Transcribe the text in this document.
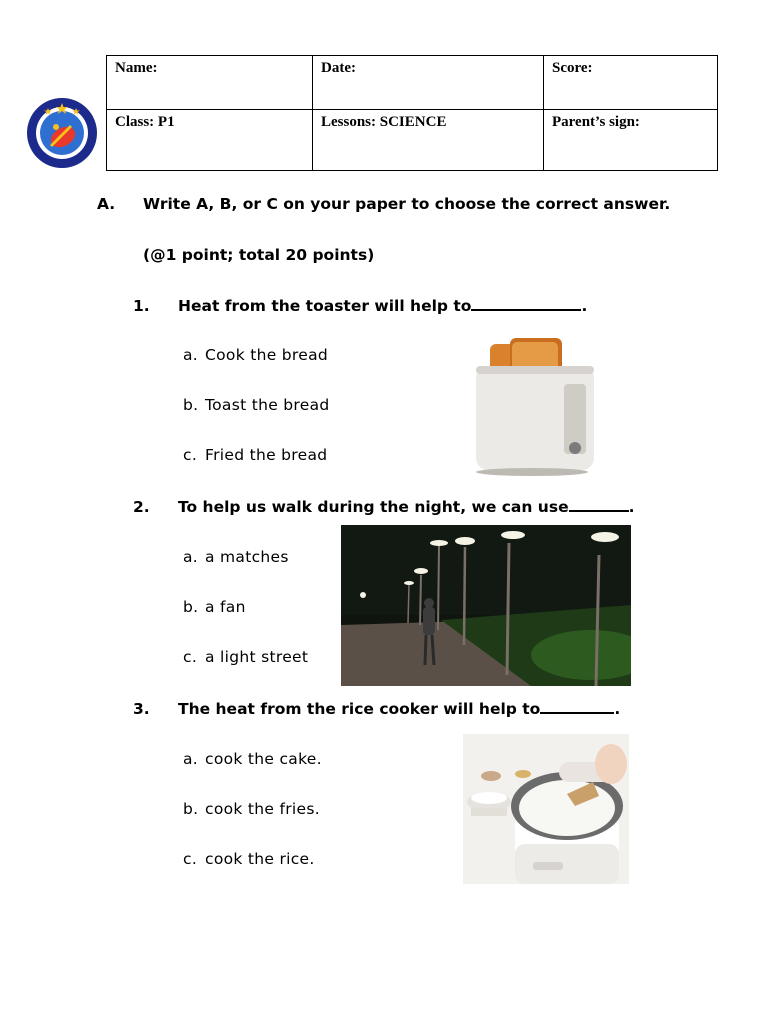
Name:	Date:	Score:
Class: P1	Lessons: SCIENCE	Parent’s sign:
A. Write A, B, or C on your paper to choose the correct answer.
(@1 point; total 20 points)
1. Heat from the toaster will help to	.
a. Cook the bread
b. Toast the bread
c. Fried the bread
2. To help us walk during the night, we can use	.
a. a matches
b. a fan
c. a light street
3. The heat from the rice cooker will help to	.
a. cook the cake.
b. cook the fries.
c. cook the rice.
